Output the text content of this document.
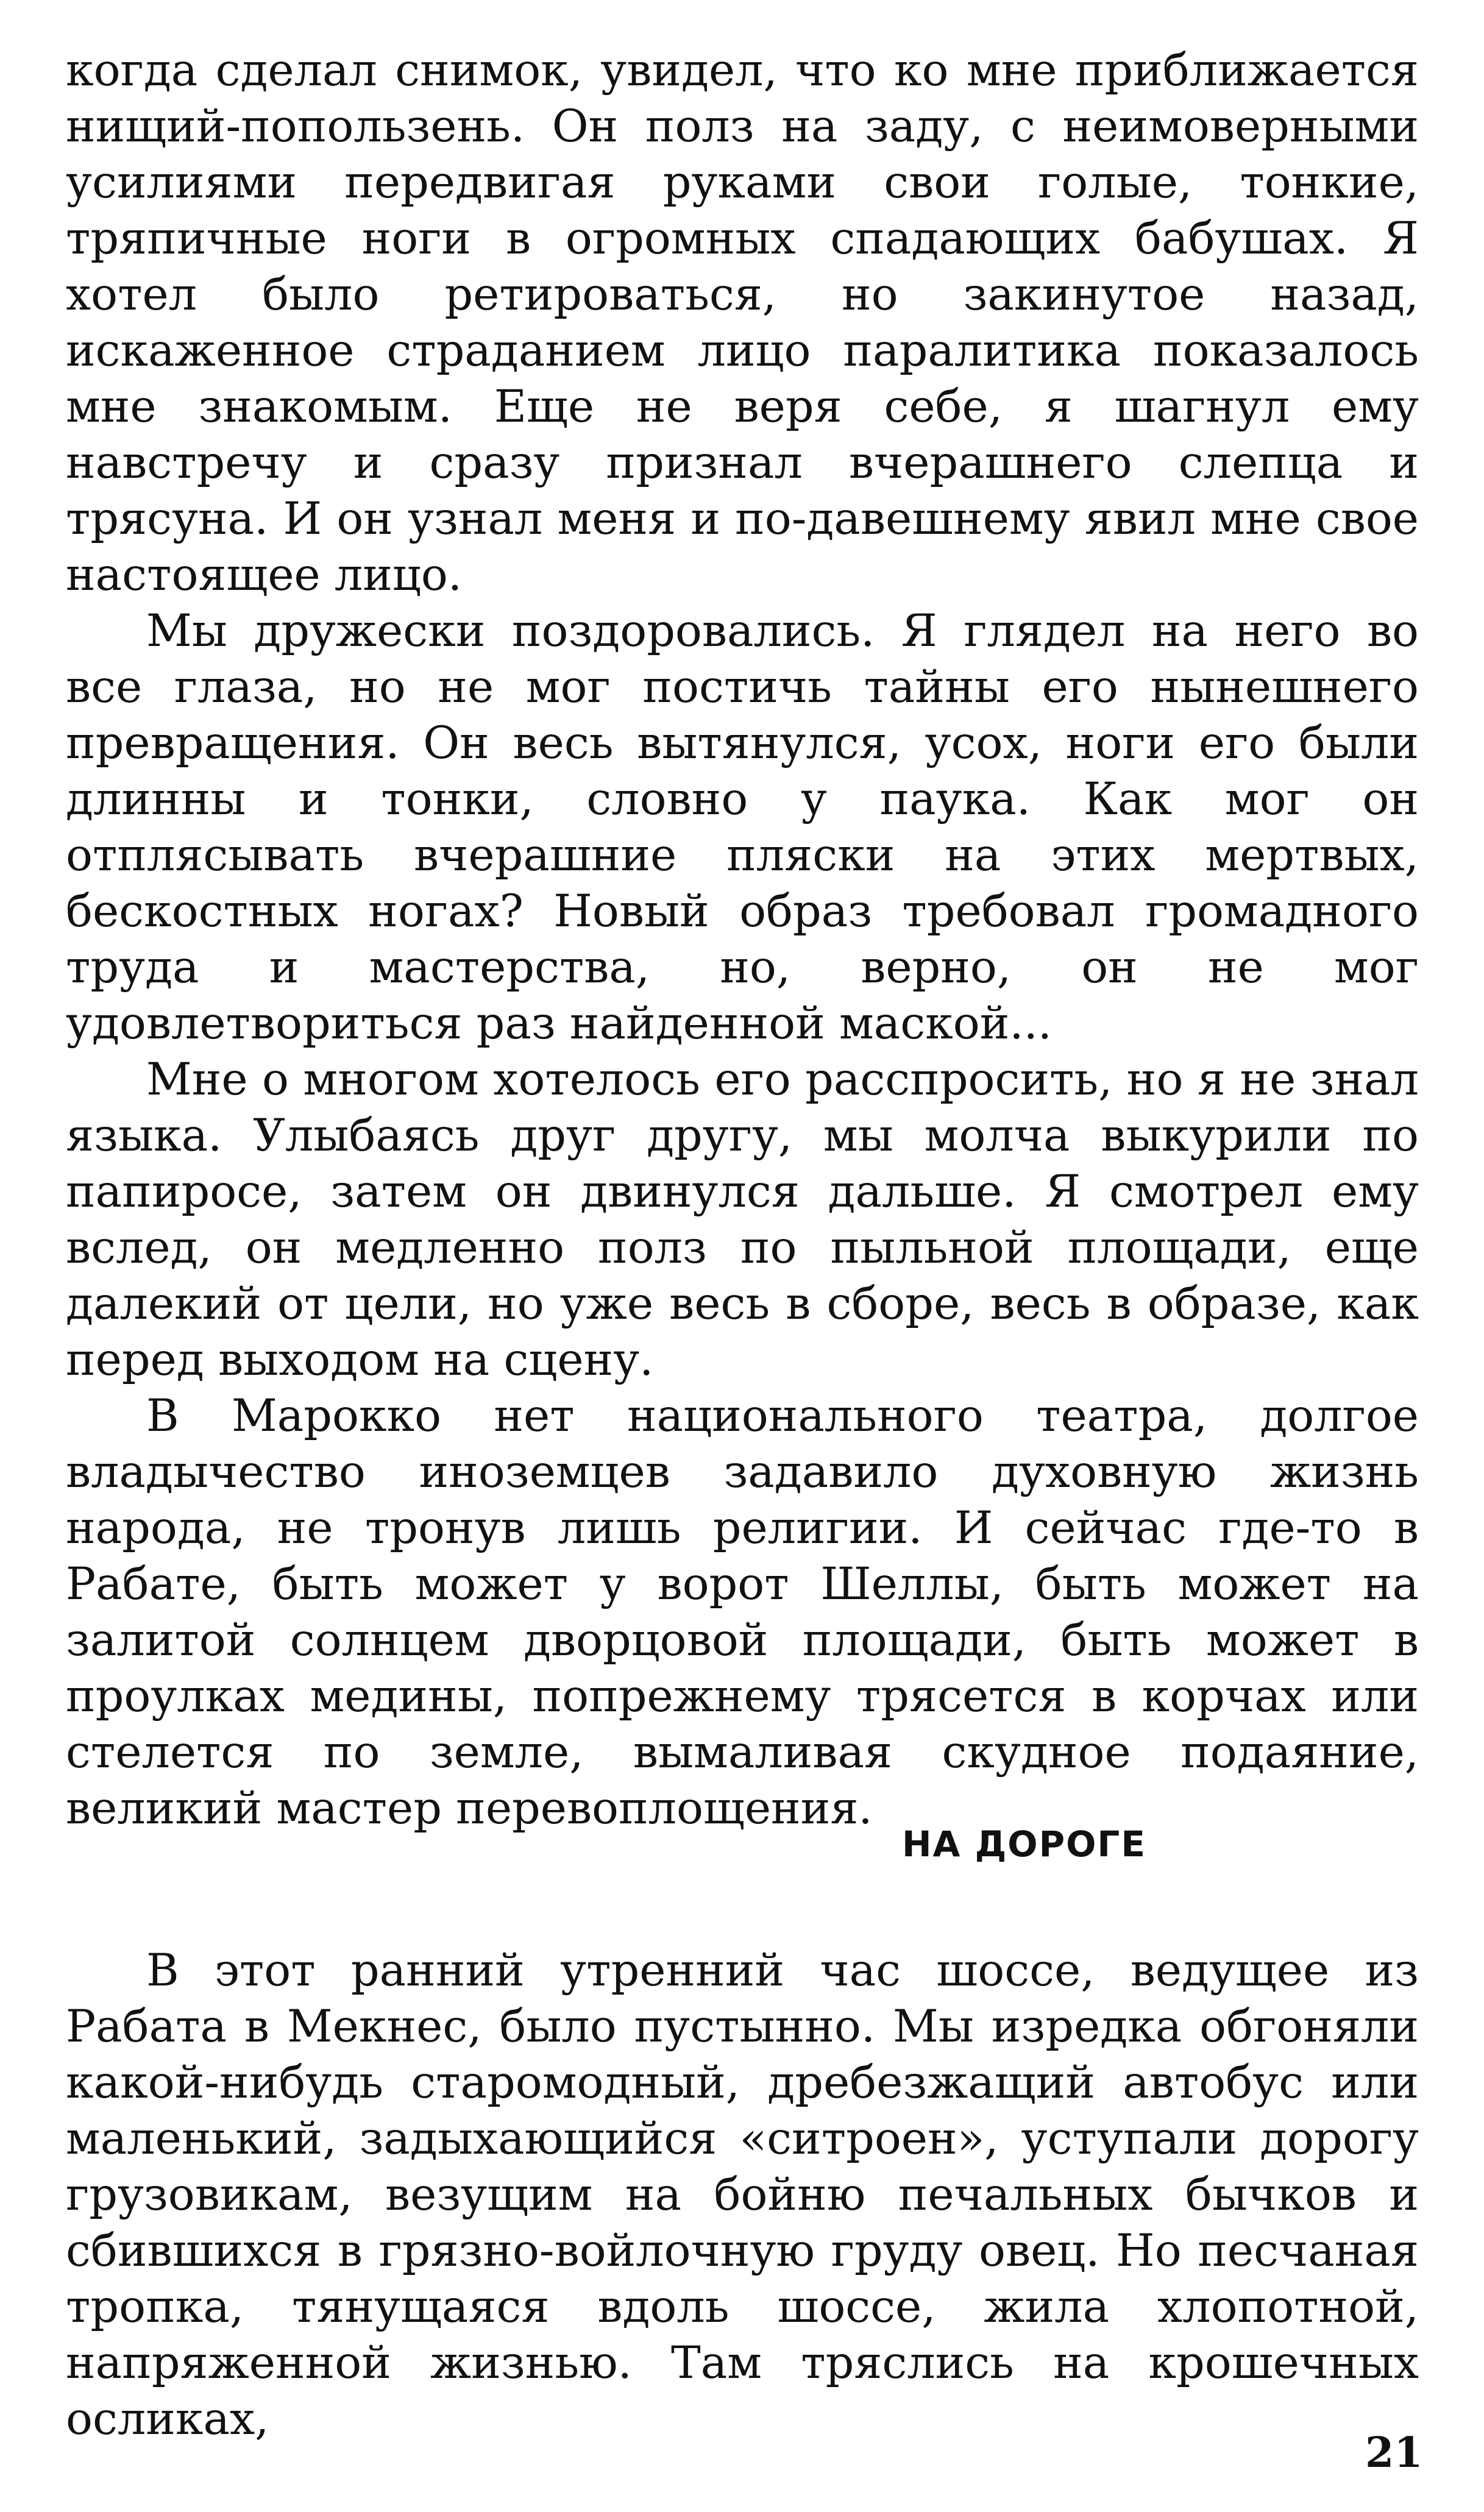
когда сделал снимок, увидел, что ко мне приближается нищий-попользень. Он полз на заду, с неимоверными усилиями передвигая руками свои голые, тонкие, тряпичные ноги в огромных спадающих бабушах. Я хотел было ретироваться, но закинутое назад, искаженное страданием лицо паралитика показалось мне знакомым. Еще не веря себе, я шагнул ему навстречу и сразу признал вчерашнего слепца и трясуна. И он узнал меня и по-давешнему явил мне свое настоящее лицо.

Мы дружески поздоровались. Я глядел на него во все глаза, но не мог постичь тайны его нынешнего превращения. Он весь вытянулся, усох, ноги его были длинны и тонки, словно у паука. Как мог он отплясывать вчерашние пляски на этих мертвых, бескостных ногах? Новый образ требовал громадного труда и мастерства, но, верно, он не мог удовлетвориться раз найденной маской...

Мне о многом хотелось его расспросить, но я не знал языка. Улыбаясь друг другу, мы молча выкурили по папиросе, затем он двинулся дальше. Я смотрел ему вслед, он медленно полз по пыльной площади, еще далекий от цели, но уже весь в сборе, весь в образе, как перед выходом на сцену.

В Марокко нет национального театра, долгое владычество иноземцев задавило духовную жизнь народа, не тронув лишь религии. И сейчас где-то в Рабате, быть может у ворот Шеллы, быть может на залитой солнцем дворцовой площади, быть может в проулках медины, попрежнему трясется в корчах или стелется по земле, вымаливая скудное подаяние, великий мастер перевоплощения.

НА ДОРОГЕ

В этот ранний утренний час шоссе, ведущее из Рабата в Мекнес, было пустынно. Мы изредка обгоняли какой-нибудь старомодный, дребезжащий автобус или маленький, задыхающийся «ситроен», уступали дорогу грузовикам, везущим на бойню печальных бычков и сбившихся в грязно-войлочную груду овец. Но песчаная тропка, тянущаяся вдоль шоссе, жила хлопотной, напряженной жизнью. Там тряслись на крошечных осликах,

21
